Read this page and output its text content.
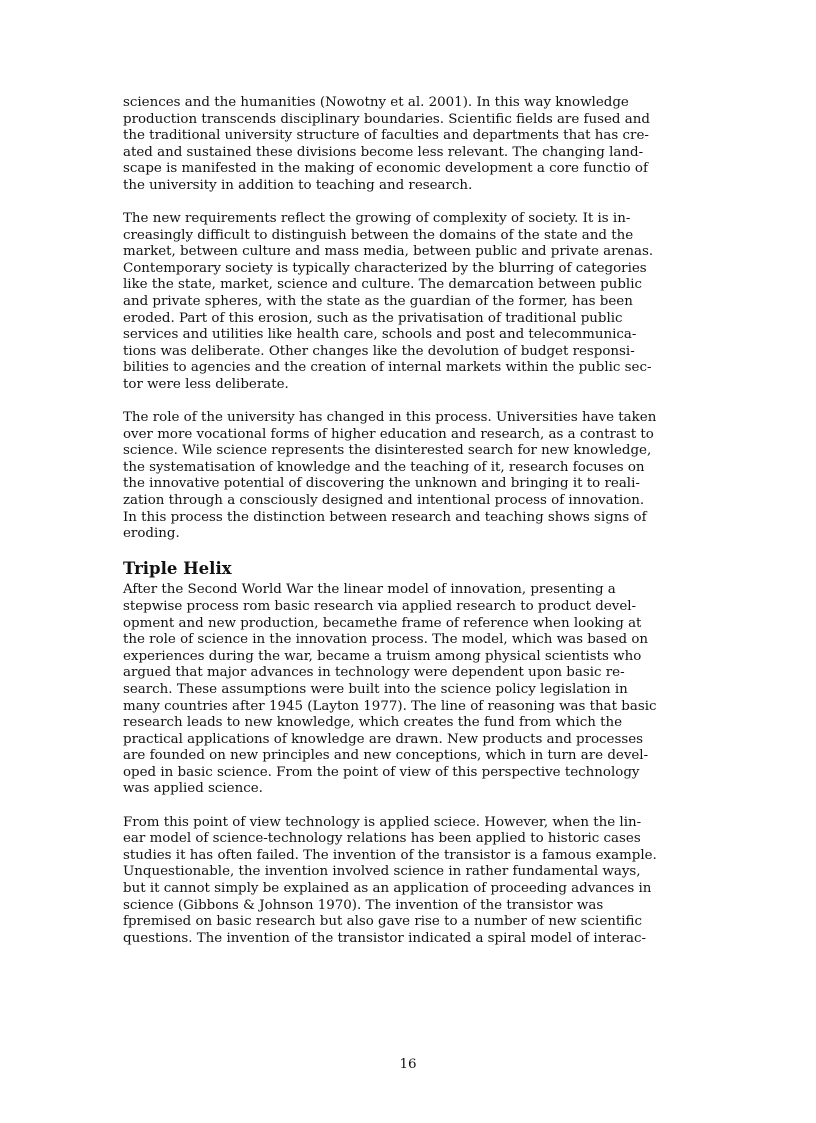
sciences and the humanities (Nowotny et al. 2001). In this way knowledge
production transcends disciplinary boundaries. Scientific fields are fused and
the traditional university structure of faculties and departments that has cre-
ated and sustained these divisions become less relevant. The changing land-
scape is manifested in the making of economic development a core functio of
the university in addition to teaching and research.
The new requirements reflect the growing of complexity of society. It is in-
creasingly difficult to distinguish between the domains of the state and the
market, between culture and mass media, between public and private arenas.
Contemporary society is typically characterized by the blurring of categories
like the state, market, science and culture. The demarcation between public
and private spheres, with the state as the guardian of the former, has been
eroded. Part of this erosion, such as the privatisation of traditional public
services and utilities like health care, schools and post and telecommunica-
tions was deliberate. Other changes like the devolution of budget responsi-
bilities to agencies and the creation of internal markets within the public sec-
tor were less deliberate.
The role of the university has changed in this process. Universities have taken
over more vocational forms of higher education and research, as a contrast to
science. Wile science represents the disinterested search for new knowledge,
the systematisation of knowledge and the teaching of it, research focuses on
the innovative potential of discovering the unknown and bringing it to reali-
zation through a consciously designed and intentional process of innovation.
In this process the distinction between research and teaching shows signs of
eroding.
Triple Helix
After the Second World War the linear model of innovation, presenting a
stepwise process rom basic research via applied research to product devel-
opment and new production, becamethe frame of reference when looking at
the role of science in the innovation process. The model, which was based on
experiences during the war, became a truism among physical scientists who
argued that major advances in technology were dependent upon basic re-
search. These assumptions were built into the science policy legislation in
many countries after 1945 (Layton 1977). The line of reasoning was that basic
research leads to new knowledge, which creates the fund from which the
practical applications of knowledge are drawn. New products and processes
are founded on new principles and new conceptions, which in turn are devel-
oped in basic science. From the point of view of this perspective technology
was applied science.
From this point of view technology is applied sciece. However, when the lin-
ear model of science-technology relations has been applied to historic cases
studies it has often failed. The invention of the transistor is a famous example.
Unquestionable, the invention involved science in rather fundamental ways,
but it cannot simply be explained as an application of proceeding advances in
science (Gibbons & Johnson 1970). The invention of the transistor was
fpremised on basic research but also gave rise to a number of new scientific
questions. The invention of the transistor indicated a spiral model of interac-
16
